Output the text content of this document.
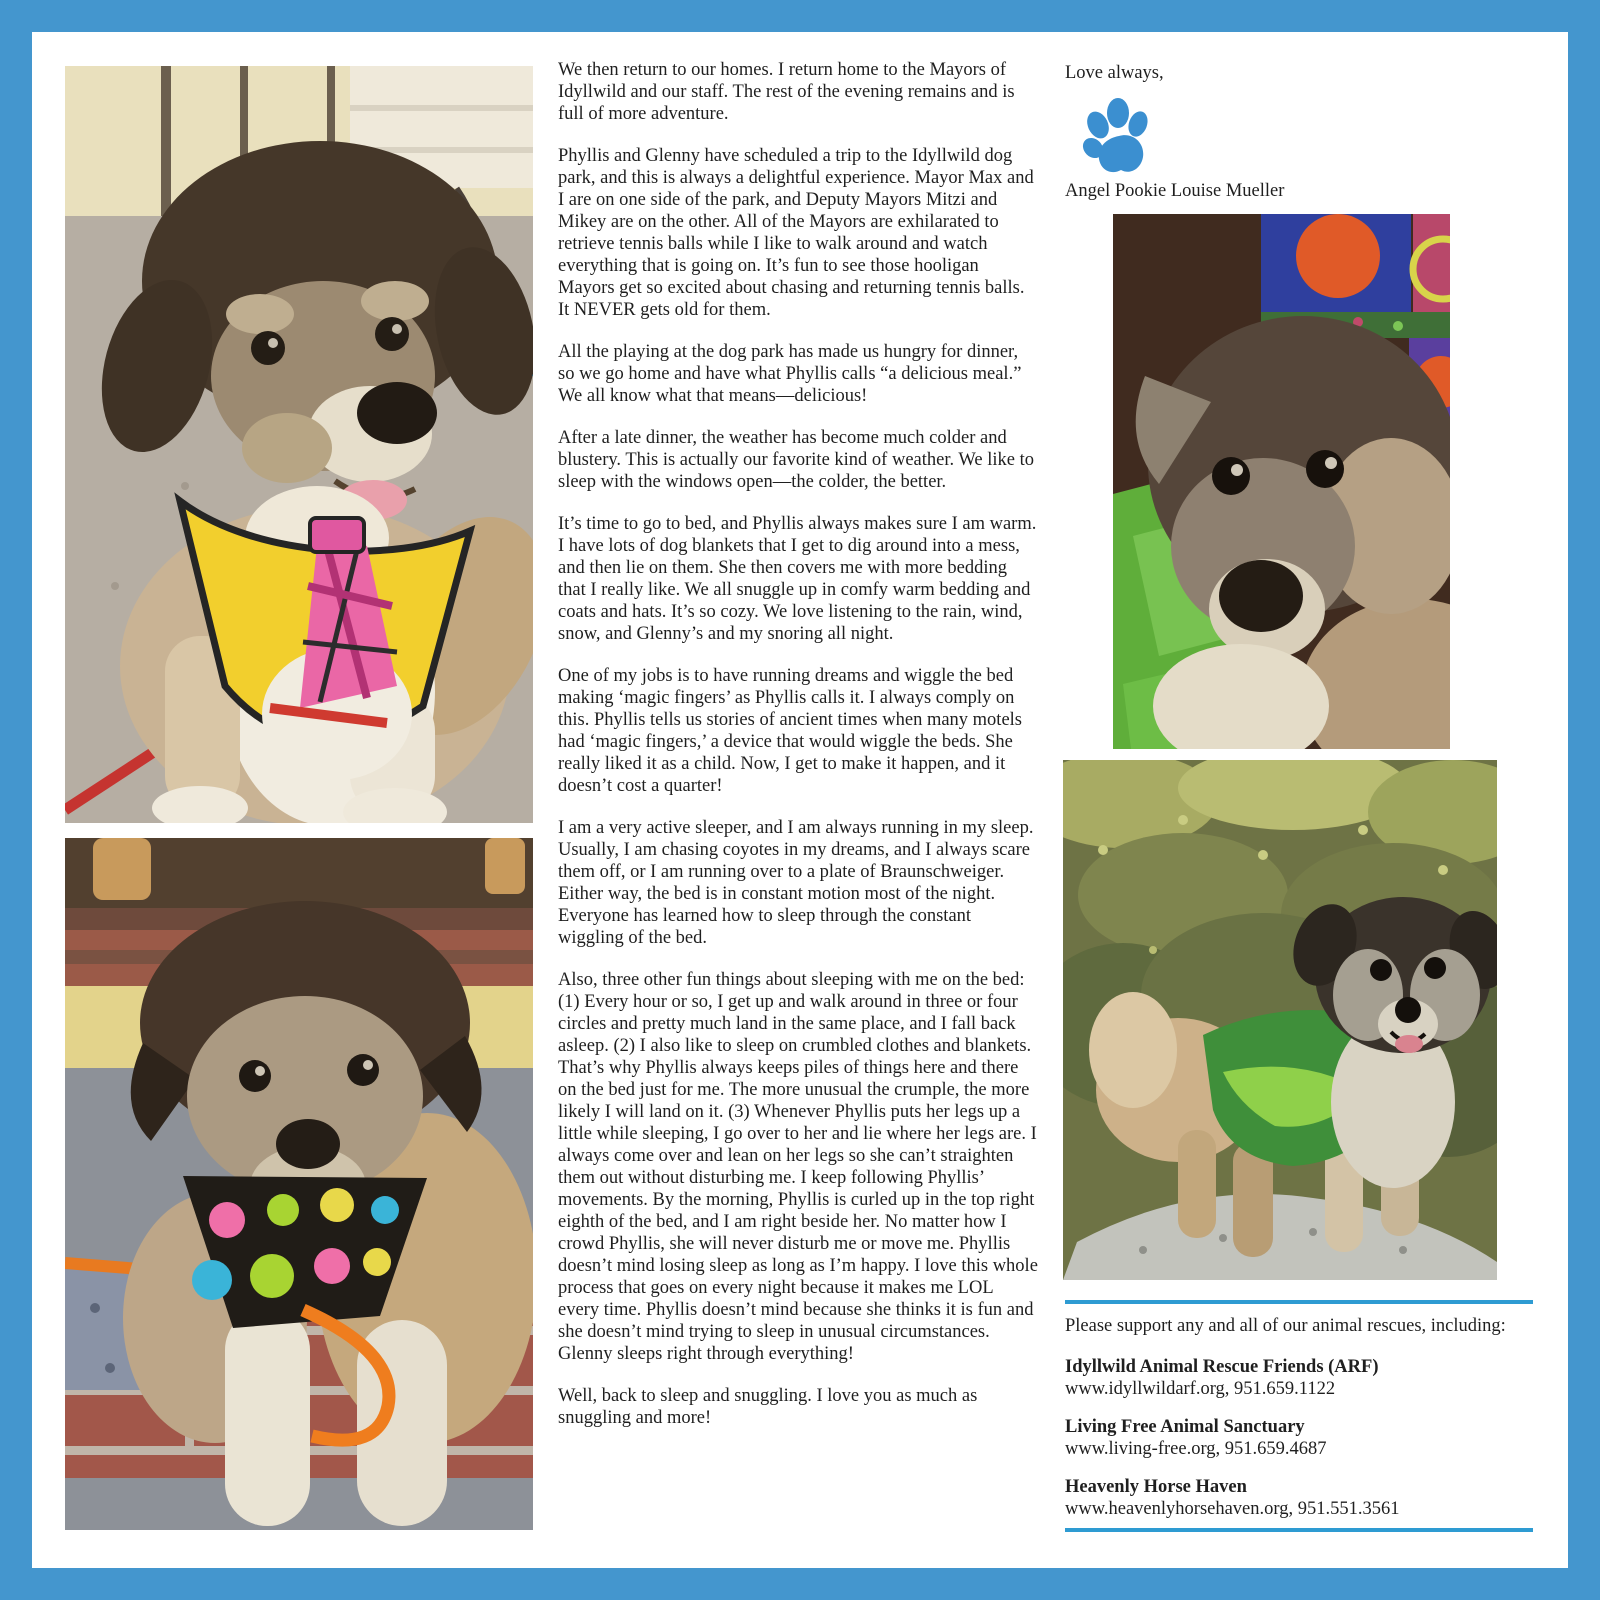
We then return to our homes. I return home to the Mayors of Idyllwild and our staff. The rest of the evening remains and is full of more adventure.

Phyllis and Glenny have scheduled a trip to the Idyllwild dog park, and this is always a delightful experience. Mayor Max and I are on one side of the park, and Deputy Mayors Mitzi and Mikey are on the other. All of the Mayors are exhilarated to retrieve tennis balls while I like to walk around and watch everything that is going on. It’s fun to see those hooligan Mayors get so excited about chasing and returning tennis balls. It NEVER gets old for them.

All the playing at the dog park has made us hungry for dinner, so we go home and have what Phyllis calls “a delicious meal.” We all know what that means—delicious!

After a late dinner, the weather has become much colder and blustery. This is actually our favorite kind of weather. We like to sleep with the windows open—the colder, the better.

It’s time to go to bed, and Phyllis always makes sure I am warm. I have lots of dog blankets that I get to dig around into a mess, and then lie on them. She then covers me with more bedding that I really like. We all snuggle up in comfy warm bedding and coats and hats. It’s so cozy. We love listening to the rain, wind, snow, and Glenny’s and my snoring all night.

One of my jobs is to have running dreams and wiggle the bed making ‘magic fingers’ as Phyllis calls it. I always comply on this. Phyllis tells us stories of ancient times when many motels had ‘magic fingers,’ a device that would wiggle the beds. She really liked it as a child. Now, I get to make it happen, and it doesn’t cost a quarter!

I am a very active sleeper, and I am always running in my sleep. Usually, I am chasing coyotes in my dreams, and I always scare them off, or I am running over to a plate of Braunschweiger. Either way, the bed is in constant motion most of the night. Everyone has learned how to sleep through the constant wiggling of the bed.

Also, three other fun things about sleeping with me on the bed: (1) Every hour or so, I get up and walk around in three or four circles and pretty much land in the same place, and I fall back asleep. (2) I also like to sleep on crumbled clothes and blankets. That’s why Phyllis always keeps piles of things here and there on the bed just for me. The more unusual the crumple, the more likely I will land on it. (3) Whenever Phyllis puts her legs up a little while sleeping, I go over to her and lie where her legs are. I always come over and lean on her legs so she can’t straighten them out without disturbing me. I keep following Phyllis’ movements. By the morning, Phyllis is curled up in the top right eighth of the bed, and I am right beside her. No matter how I crowd Phyllis, she will never disturb me or move me. Phyllis doesn’t mind losing sleep as long as I’m happy. I love this whole process that goes on every night because it makes me LOL every time. Phyllis doesn’t mind because she thinks it is fun and she doesn’t mind trying to sleep in unusual circumstances. Glenny sleeps right through everything!

Well, back to sleep and snuggling. I love you as much as snuggling and more!

Love always,
Angel Pookie Louise Mueller
Please support any and all of our animal rescues, including:
Idyllwild Animal Rescue Friends (ARF)
www.idyllwildarf.org, 951.659.1122
Living Free Animal Sanctuary
www.living-free.org, 951.659.4687
Heavenly Horse Haven
www.heavenlyhorsehaven.org, 951.551.3561
